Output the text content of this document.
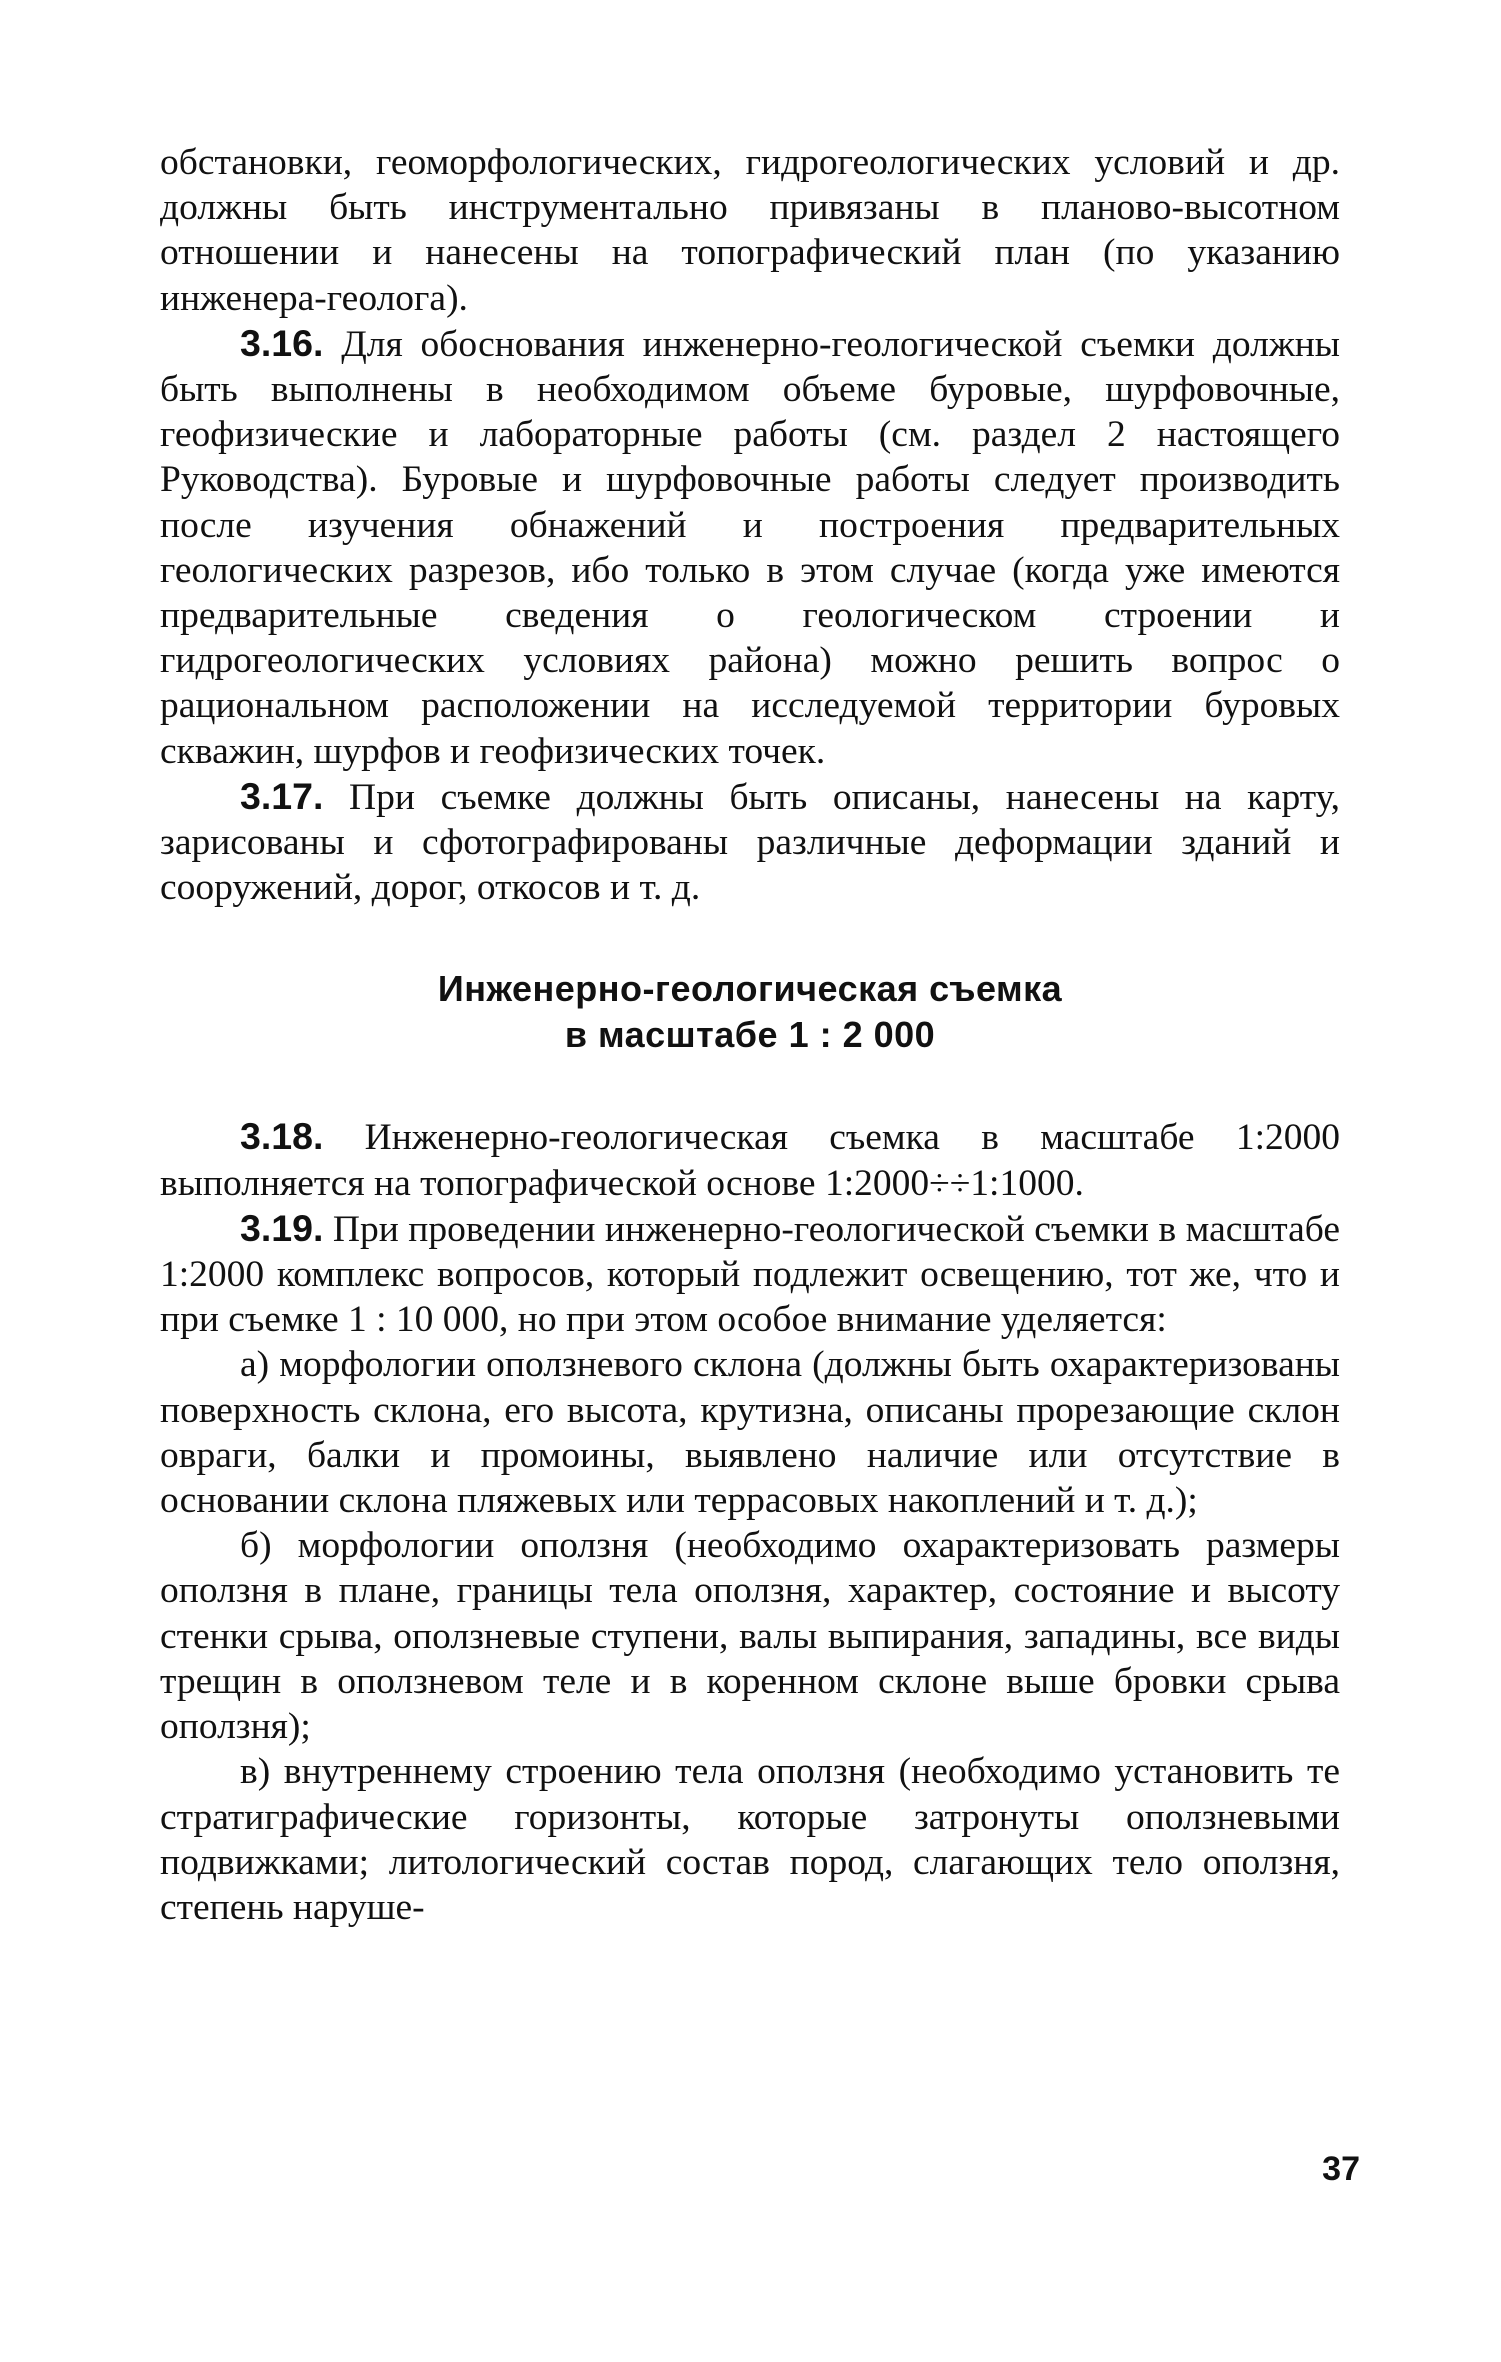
обстановки, геоморфологических, гидрогеологических условий и др. должны быть инструментально привязаны в планово-высотном отношении и нанесены на топографический план (по указанию инженера-геолога).

3.16. Для обоснования инженерно-геологической съемки должны быть выполнены в необходимом объеме буровые, шурфовочные, геофизические и лабораторные работы (см. раздел 2 настоящего Руководства). Буровые и шурфовочные работы следует производить после изучения обнажений и построения предварительных геологических разрезов, ибо только в этом случае (когда уже имеются предварительные сведения о геологическом строении и гидрогеологических условиях района) можно решить вопрос о рациональном расположении на исследуемой территории буровых скважин, шурфов и геофизических точек.

3.17. При съемке должны быть описаны, нанесены на карту, зарисованы и сфотографированы различные деформации зданий и сооружений, дорог, откосов и т. д.

Инженерно-геологическая съемка
в масштабе 1 : 2 000

3.18. Инженерно-геологическая съемка в масштабе 1:2000 выполняется на топографической основе 1:2000÷÷1:1000.

3.19. При проведении инженерно-геологической съемки в масштабе 1:2000 комплекс вопросов, который подлежит освещению, тот же, что и при съемке 1 : 10 000, но при этом особое внимание уделяется:

а) морфологии оползневого склона (должны быть охарактеризованы поверхность склона, его высота, крутизна, описаны прорезающие склон овраги, балки и промоины, выявлено наличие или отсутствие в основании склона пляжевых или террасовых накоплений и т. д.);

б) морфологии оползня (необходимо охарактеризовать размеры оползня в плане, границы тела оползня, характер, состояние и высоту стенки срыва, оползневые ступени, валы выпирания, западины, все виды трещин в оползневом теле и в коренном склоне выше бровки срыва оползня);

в) внутреннему строению тела оползня (необходимо установить те стратиграфические горизонты, которые затронуты оползневыми подвижками; литологический состав пород, слагающих тело оползня, степень наруше-

37
